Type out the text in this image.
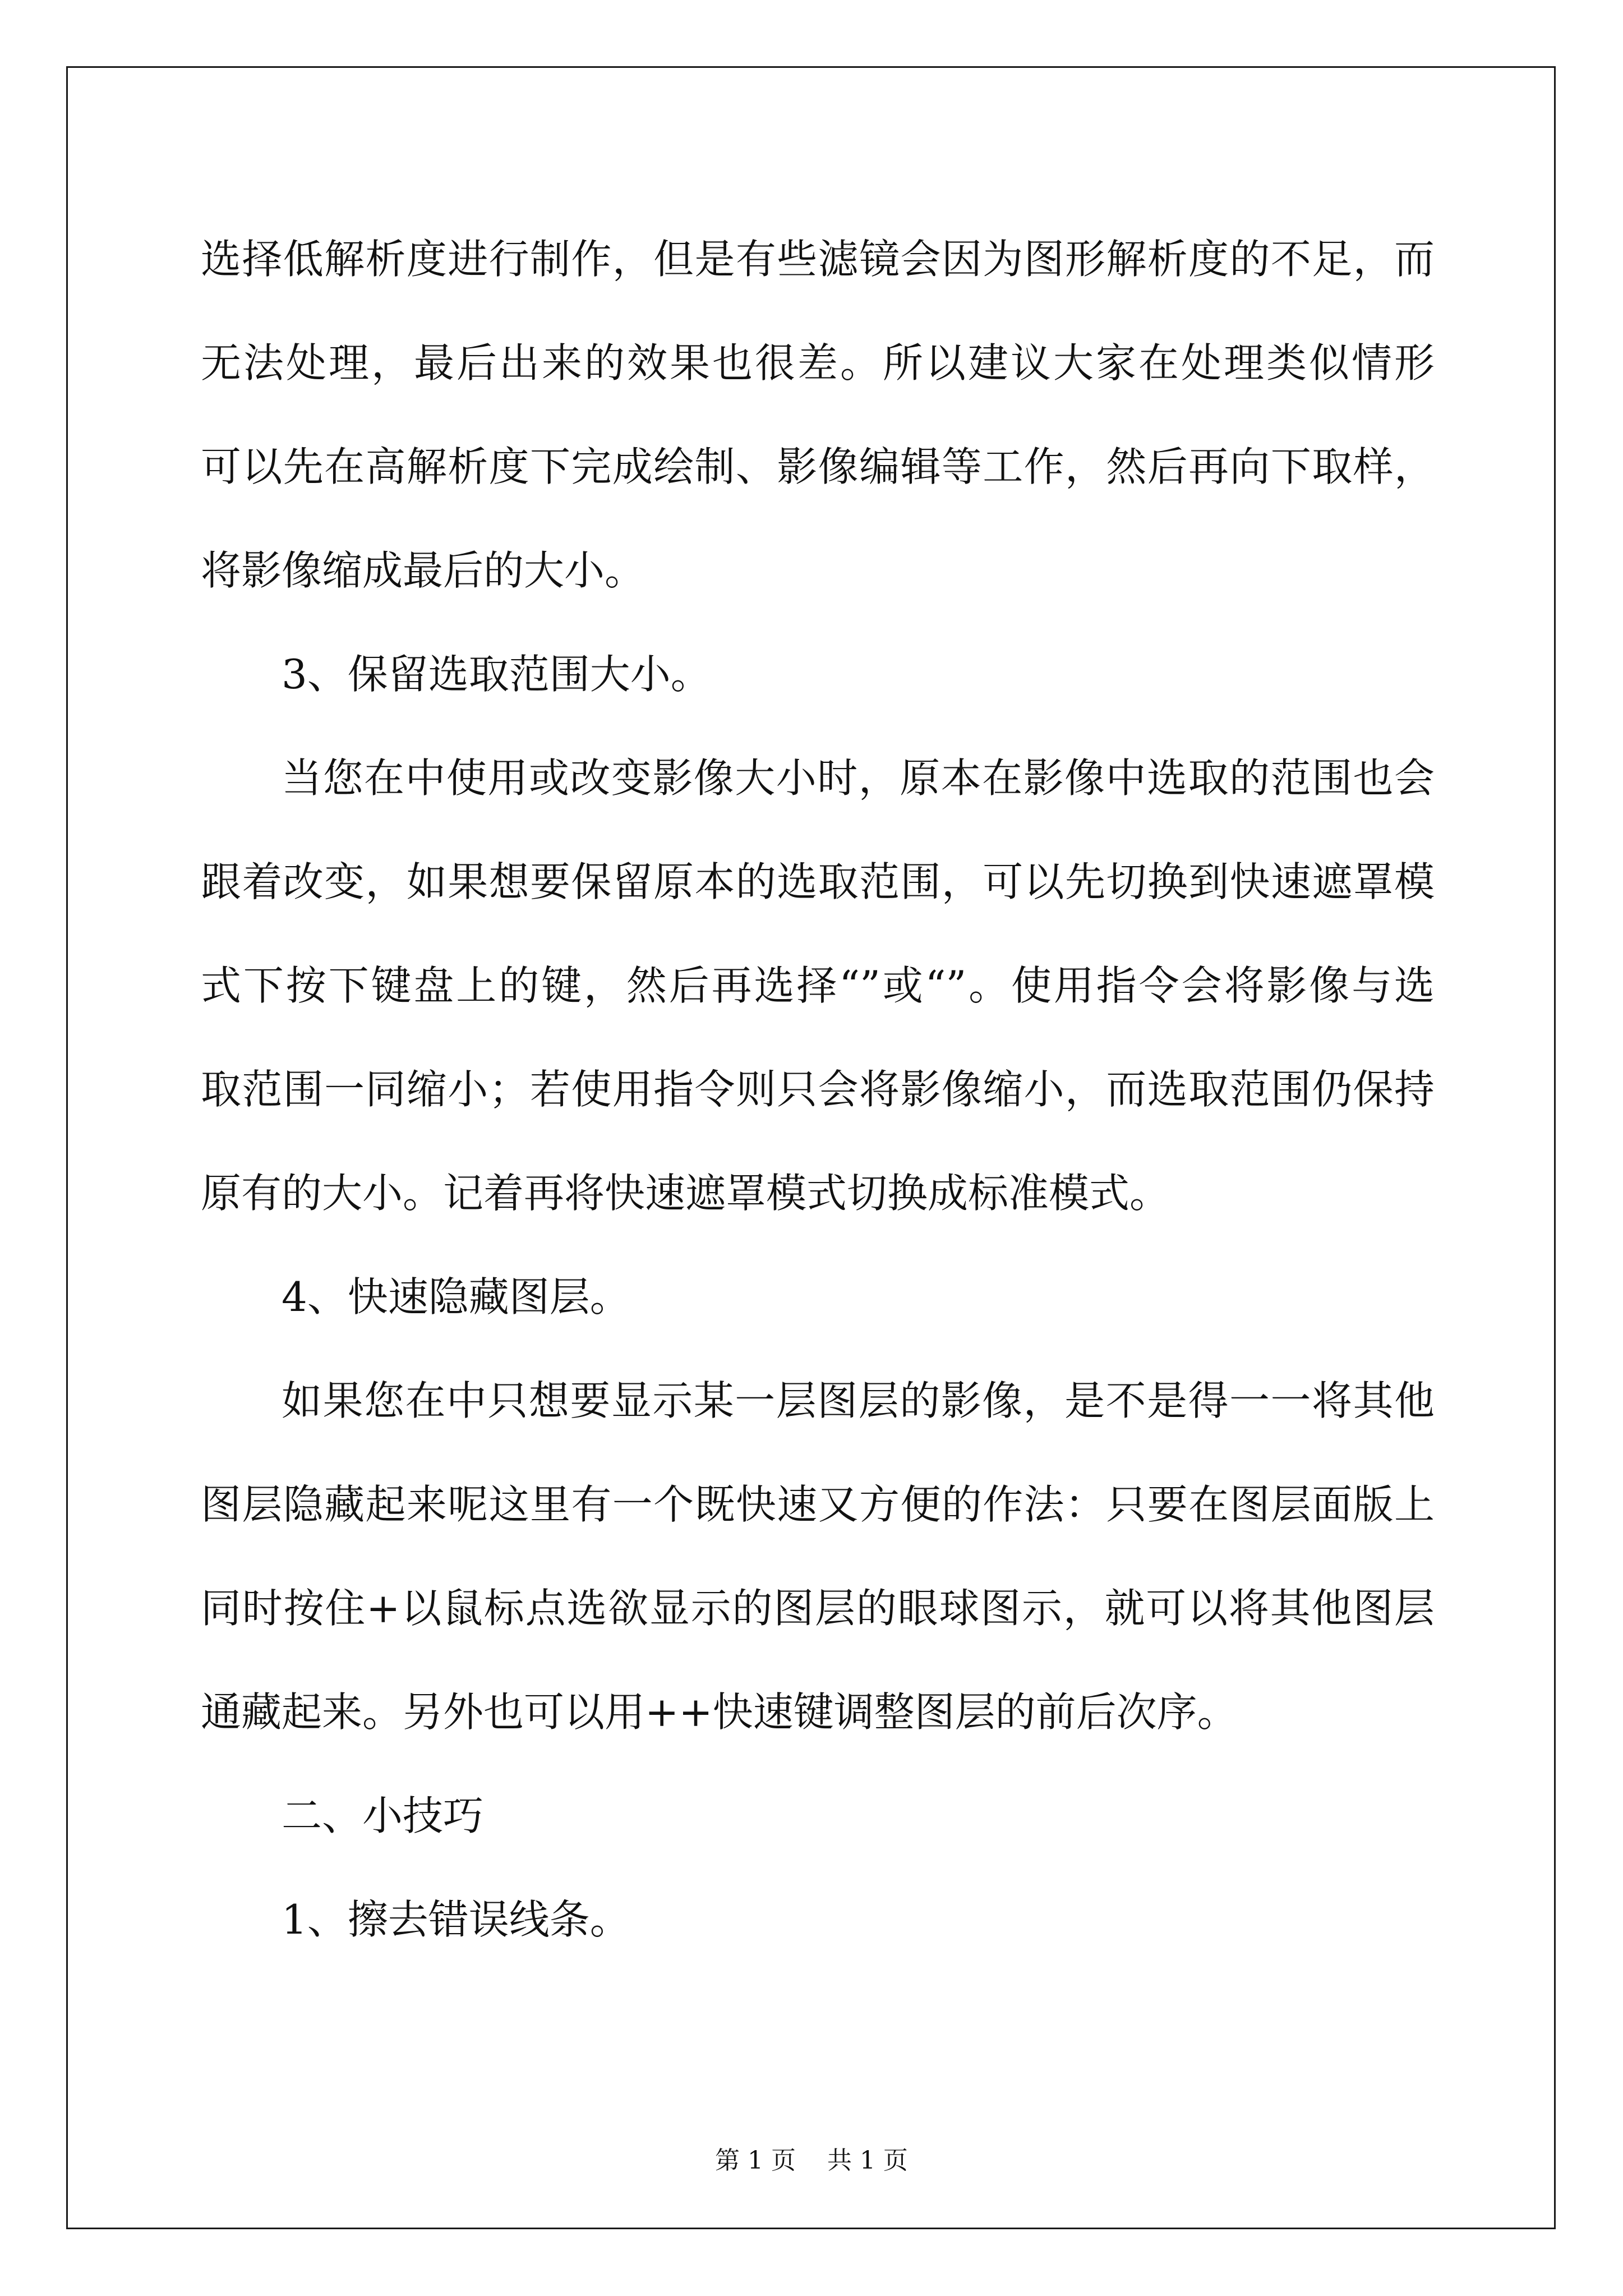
选择低解析度进行制作，但是有些滤镜会因为图形解析度的不足，而
无法处理，最后出来的效果也很差。所以建议大家在处理类似情形
可以先在高解析度下完成绘制、影像编辑等工作，然后再向下取样，
将影像缩成最后的大小。
3、保留选取范围大小。
当您在中使用或改变影像大小时，原本在影像中选取的范围也会
跟着改变，如果想要保留原本的选取范围，可以先切换到快速遮罩模
式下按下键盘上的键，然后再选择“”或“”。使用指令会将影像与选
取范围一同缩小；若使用指令则只会将影像缩小，而选取范围仍保持
原有的大小。记着再将快速遮罩模式切换成标准模式。
4、快速隐藏图层。
如果您在中只想要显示某一层图层的影像，是不是得一一将其他
图层隐藏起来呢这里有一个既快速又方便的作法：只要在图层面版上
同时按住+以鼠标点选欲显示的图层的眼球图示，就可以将其他图层
通藏起来。另外也可以用++快速键调整图层的前后次序。
二、小技巧
1、擦去错误线条。
第 1 页    共 1 页
